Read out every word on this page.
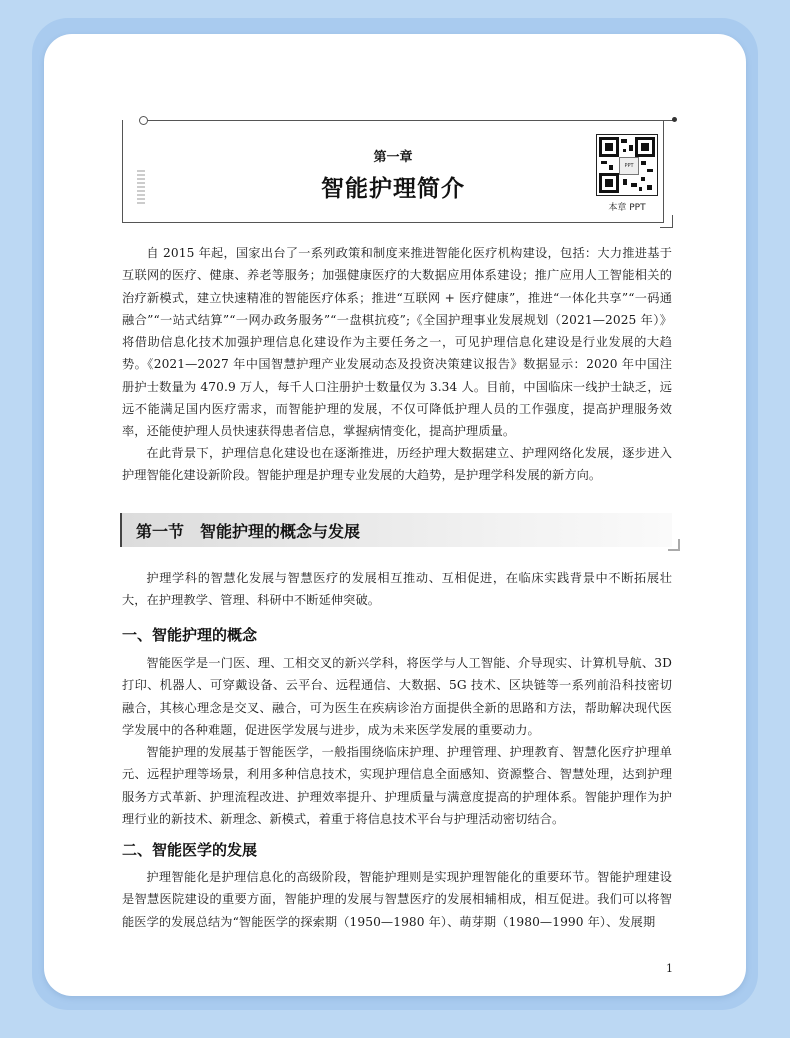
第一章
智能护理简介
PPT
本章 PPT

自 2015 年起，国家出台了一系列政策和制度来推进智能化医疗机构建设，包括：大力推进基于互联网的医疗、健康、养老等服务；加强健康医疗的大数据应用体系建设；推广应用人工智能相关的治疗新模式，建立快速精准的智能医疗体系；推进“互联网 + 医疗健康”，推进“一体化共享”“一码通融合”“一站式结算”“一网办政务服务”“一盘棋抗疫”;《全国护理事业发展规划（2021—2025 年）》将借助信息化技术加强护理信息化建设作为主要任务之一，可见护理信息化建设是行业发展的大趋势。《2021—2027 年中国智慧护理产业发展动态及投资决策建议报告》数据显示：2020 年中国注册护士数量为 470.9 万人，每千人口注册护士数量仅为 3.34 人。目前，中国临床一线护士缺乏，远远不能满足国内医疗需求，而智能护理的发展，不仅可降低护理人员的工作强度，提高护理服务效率，还能使护理人员快速获得患者信息，掌握病情变化，提高护理质量。

在此背景下，护理信息化建设也在逐渐推进，历经护理大数据建立、护理网络化发展，逐步进入护理智能化建设新阶段。智能护理是护理专业发展的大趋势，是护理学科发展的新方向。

第一节　智能护理的概念与发展

护理学科的智慧化发展与智慧医疗的发展相互推动、互相促进，在临床实践背景中不断拓展壮大，在护理教学、管理、科研中不断延伸突破。

一、智能护理的概念

智能医学是一门医、理、工相交叉的新兴学科，将医学与人工智能、介导现实、计算机导航、3D 打印、机器人、可穿戴设备、云平台、远程通信、大数据、5G 技术、区块链等一系列前沿科技密切融合，其核心理念是交叉、融合，可为医生在疾病诊治方面提供全新的思路和方法，帮助解决现代医学发展中的各种难题，促进医学发展与进步，成为未来医学发展的重要动力。

智能护理的发展基于智能医学，一般指围绕临床护理、护理管理、护理教育、智慧化医疗护理单元、远程护理等场景，利用多种信息技术，实现护理信息全面感知、资源整合、智慧处理，达到护理服务方式革新、护理流程改进、护理效率提升、护理质量与满意度提高的护理体系。智能护理作为护理行业的新技术、新理念、新模式，着重于将信息技术平台与护理活动密切结合。

二、智能医学的发展

护理智能化是护理信息化的高级阶段，智能护理则是实现护理智能化的重要环节。智能护理建设是智慧医院建设的重要方面，智能护理的发展与智慧医疗的发展相辅相成，相互促进。我们可以将智能医学的发展总结为“智能医学的探索期（1950—1980 年）、萌芽期（1980—1990 年）、发展期

1
